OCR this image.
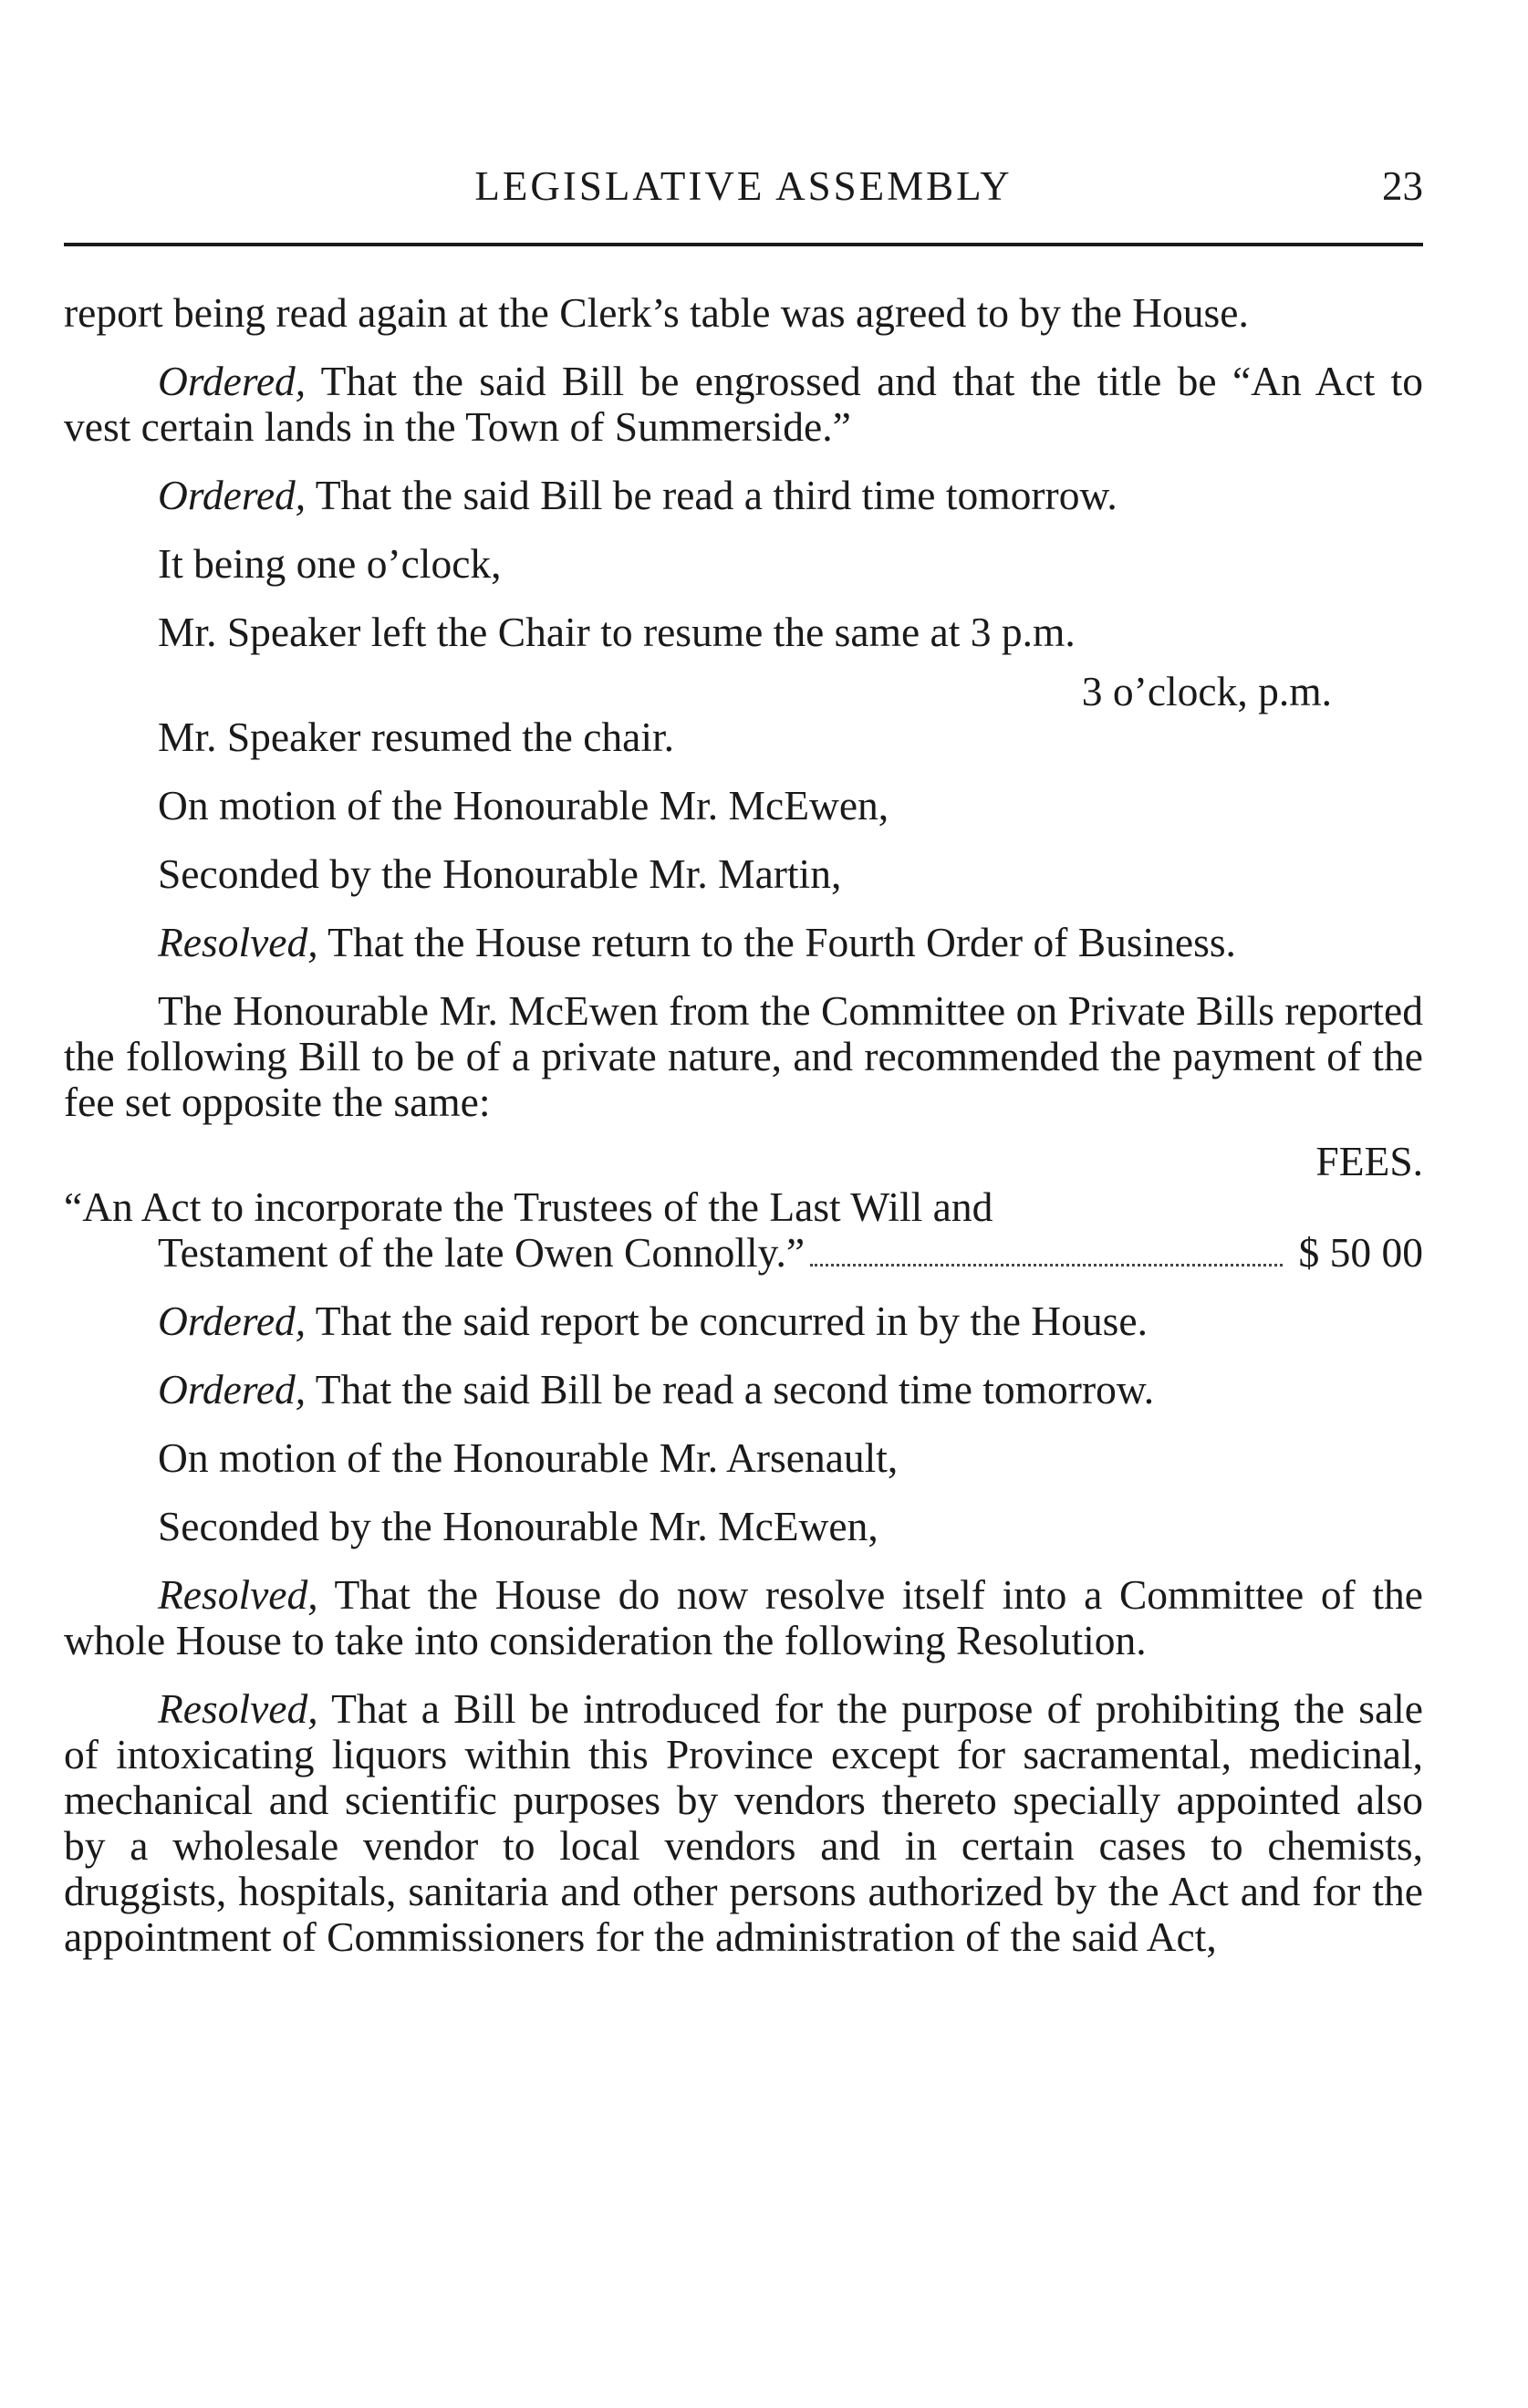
LEGISLATIVE ASSEMBLY	23

report being read again at the Clerk’s table was agreed to by the House.

Ordered, That the said Bill be engrossed and that the title be “An Act to vest certain lands in the Town of Summerside.”

Ordered, That the said Bill be read a third time tomorrow.

It being one o’clock,

Mr. Speaker left the Chair to resume the same at 3 p.m.

3 o’clock, p.m.

Mr. Speaker resumed the chair.

On motion of the Honourable Mr. McEwen,

Seconded by the Honourable Mr. Martin,

Resolved, That the House return to the Fourth Order of Business.

The Honourable Mr. McEwen from the Committee on Private Bills reported the following Bill to be of a private nature, and recommended the payment of the fee set opposite the same:

FEES.

“An Act to incorporate the Trustees of the Last Will and

Testament of the late Owen Connolly.”	$ 50 00

Ordered, That the said report be concurred in by the House.

Ordered, That the said Bill be read a second time tomorrow.

On motion of the Honourable Mr. Arsenault,

Seconded by the Honourable Mr. McEwen,

Resolved, That the House do now resolve itself into a Committee of the whole House to take into consideration the following Resolution.

Resolved, That a Bill be introduced for the purpose of prohibiting the sale of intoxicating liquors within this Province except for sacramental, medicinal, mechanical and scientific purposes by vendors thereto specially appointed also by a wholesale vendor to local vendors and in certain cases to chemists, druggists, hospitals, sanitaria and other persons authorized by the Act and for the appointment of Commissioners for the administration of the said Act,
